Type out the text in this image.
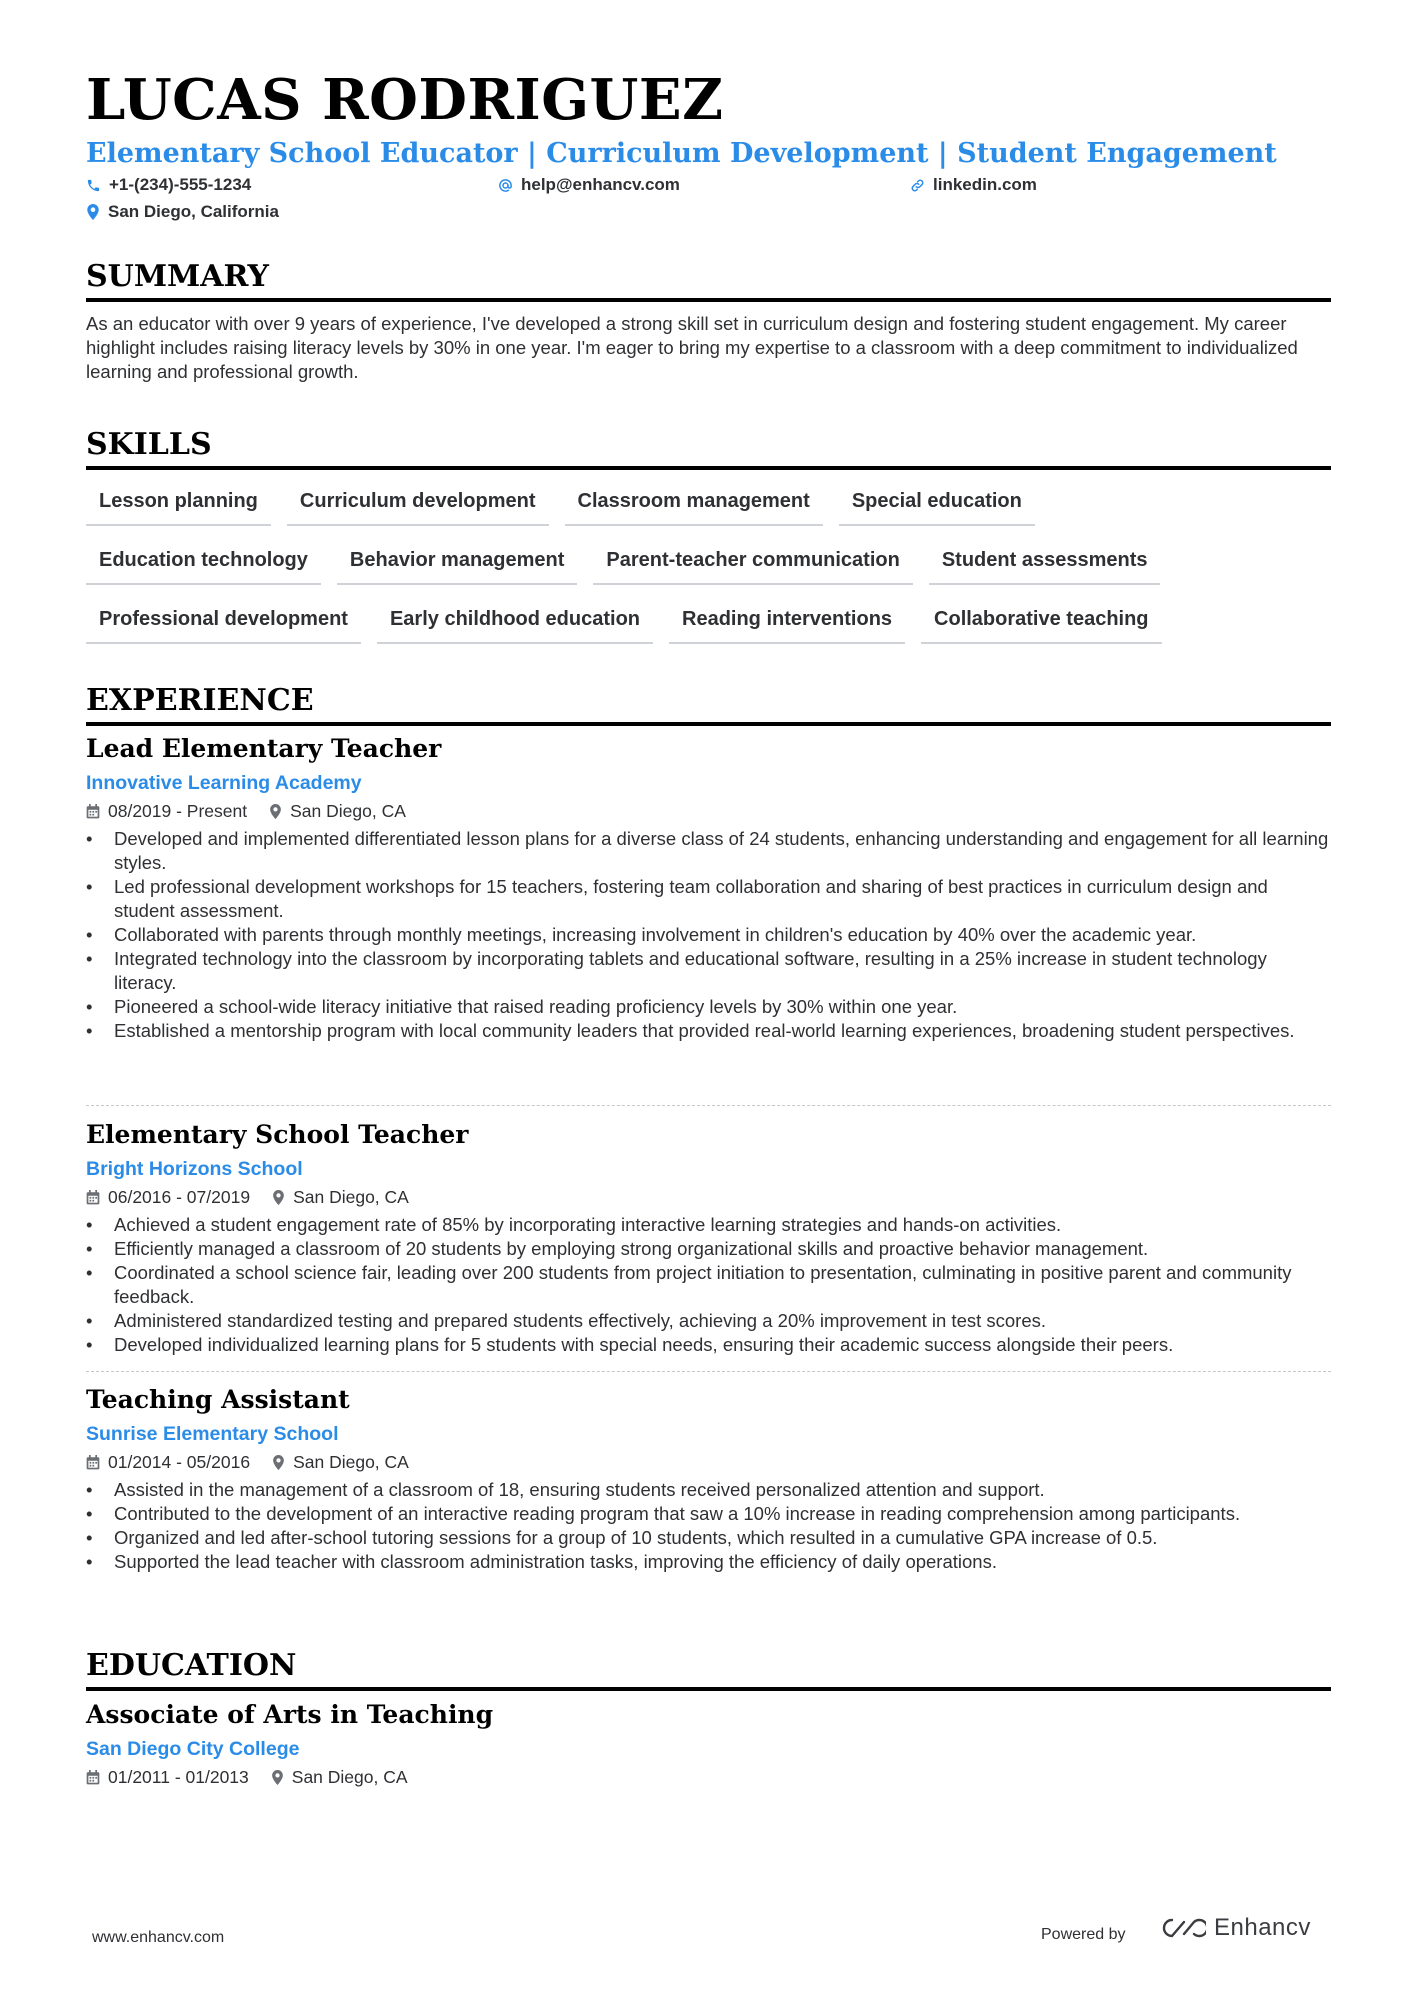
LUCAS RODRIGUEZ
Elementary School Educator | Curriculum Development | Student Engagement
+1-(234)-555-1234	help@enhancv.com	linkedin.com
San Diego, California
SUMMARY

As an educator with over 9 years of experience, I've developed a strong skill set in curriculum design and fostering student engagement. My career highlight includes raising literacy levels by 30% in one year. I'm eager to bring my expertise to a classroom with a deep commitment to individualized learning and professional growth.

SKILLS
Lesson planning	Curriculum development	Classroom management	Special education
Education technology	Behavior management	Parent-teacher communication	Student assessments
Professional development	Early childhood education	Reading interventions	Collaborative teaching
EXPERIENCE
Lead Elementary Teacher
Innovative Learning Academy
08/2019 - Present San Diego, CA
• Developed and implemented differentiated lesson plans for a diverse class of 24 students, enhancing understanding and engagement for all learning styles.
• Led professional development workshops for 15 teachers, fostering team collaboration and sharing of best practices in curriculum design and student assessment.
• Collaborated with parents through monthly meetings, increasing involvement in children's education by 40% over the academic year.
• Integrated technology into the classroom by incorporating tablets and educational software, resulting in a 25% increase in student technology literacy.
• Pioneered a school-wide literacy initiative that raised reading proficiency levels by 30% within one year.
• Established a mentorship program with local community leaders that provided real-world learning experiences, broadening student perspectives.
Elementary School Teacher
Bright Horizons School
06/2016 - 07/2019 San Diego, CA
• Achieved a student engagement rate of 85% by incorporating interactive learning strategies and hands-on activities.
• Efficiently managed a classroom of 20 students by employing strong organizational skills and proactive behavior management.
• Coordinated a school science fair, leading over 200 students from project initiation to presentation, culminating in positive parent and community feedback.
• Administered standardized testing and prepared students effectively, achieving a 20% improvement in test scores.
• Developed individualized learning plans for 5 students with special needs, ensuring their academic success alongside their peers.
Teaching Assistant
Sunrise Elementary School
01/2014 - 05/2016 San Diego, CA
• Assisted in the management of a classroom of 18, ensuring students received personalized attention and support.
• Contributed to the development of an interactive reading program that saw a 10% increase in reading comprehension among participants.
• Organized and led after-school tutoring sessions for a group of 10 students, which resulted in a cumulative GPA increase of 0.5.
• Supported the lead teacher with classroom administration tasks, improving the efficiency of daily operations.
EDUCATION
Associate of Arts in Teaching
San Diego City College
01/2011 - 01/2013 San Diego, CA
www.enhancv.com	Powered by	Enhancv
